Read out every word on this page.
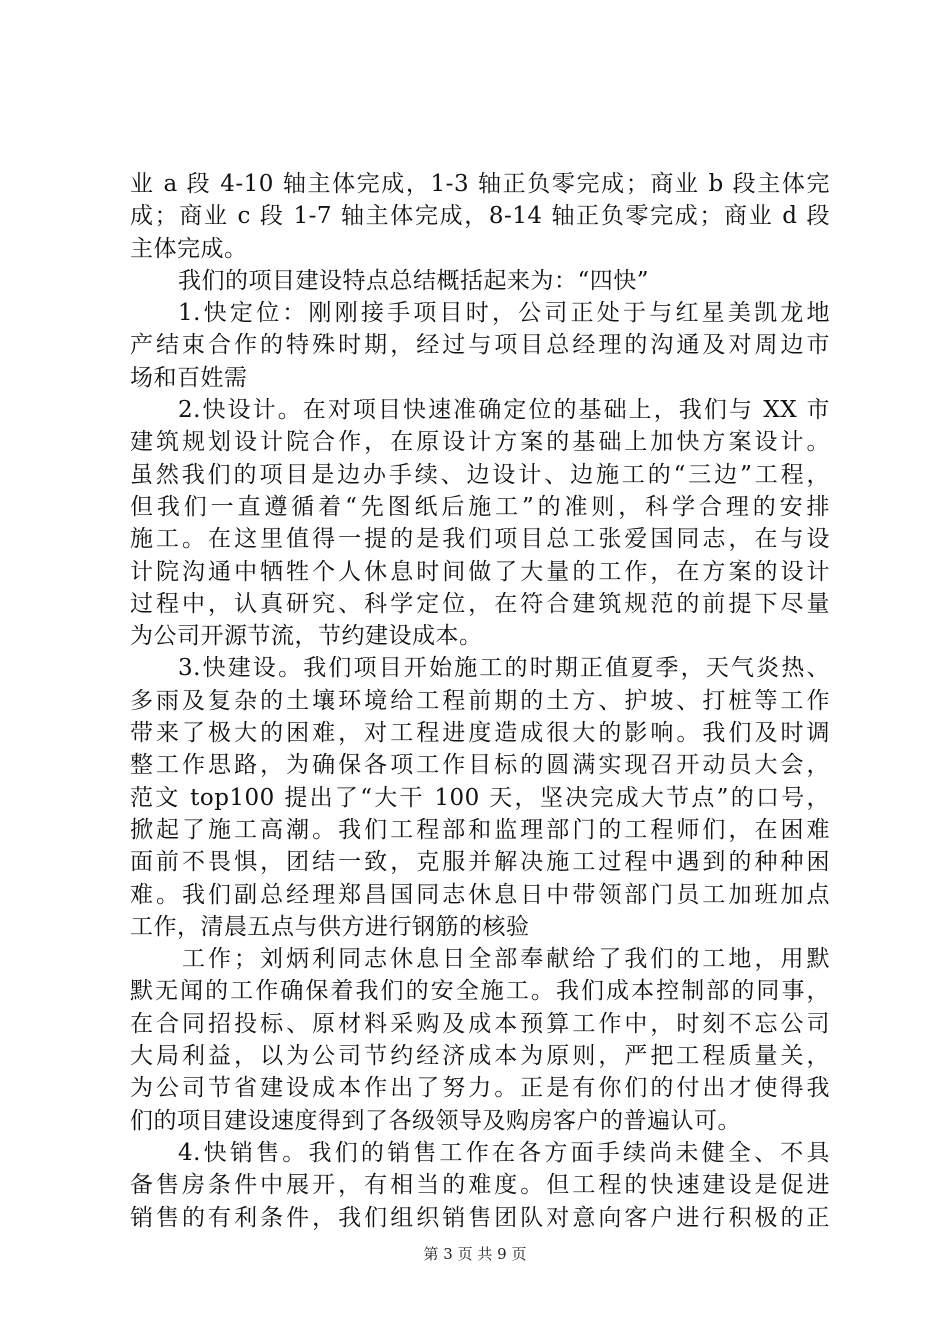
业 a 段 4-10 轴主体完成，1-3 轴正负零完成；商业 b 段主体完
成；商业 c 段 1-7 轴主体完成，8-14 轴正负零完成；商业 d 段
主体完成。
我们的项目建设特点总结概括起来为：“四快”
1.快定位：刚刚接手项目时，公司正处于与红星美凯龙地
产结束合作的特殊时期，经过与项目总经理的沟通及对周边市
场和百姓需
2.快设计。在对项目快速准确定位的基础上，我们与 XX 市
建筑规划设计院合作，在原设计方案的基础上加快方案设计。
虽然我们的项目是边办手续、边设计、边施工的“三边”工程，
但我们一直遵循着“先图纸后施工”的准则，科学合理的安排
施工。在这里值得一提的是我们项目总工张爱国同志，在与设
计院沟通中牺牲个人休息时间做了大量的工作，在方案的设计
过程中，认真研究、科学定位，在符合建筑规范的前提下尽量
为公司开源节流，节约建设成本。
3.快建设。我们项目开始施工的时期正值夏季，天气炎热、
多雨及复杂的土壤环境给工程前期的土方、护坡、打桩等工作
带来了极大的困难，对工程进度造成很大的影响。我们及时调
整工作思路，为确保各项工作目标的圆满实现召开动员大会，
范文 top100 提出了“大干 100 天，坚决完成大节点”的口号，
掀起了施工高潮。我们工程部和监理部门的工程师们，在困难
面前不畏惧，团结一致，克服并解决施工过程中遇到的种种困
难。我们副总经理郑昌国同志休息日中带领部门员工加班加点
工作，清晨五点与供方进行钢筋的核验
工作；刘炳利同志休息日全部奉献给了我们的工地，用默
默无闻的工作确保着我们的安全施工。我们成本控制部的同事，
在合同招投标、原材料采购及成本预算工作中，时刻不忘公司
大局利益，以为公司节约经济成本为原则，严把工程质量关，
为公司节省建设成本作出了努力。正是有你们的付出才使得我
们的项目建设速度得到了各级领导及购房客户的普遍认可。
4.快销售。我们的销售工作在各方面手续尚未健全、不具
备售房条件中展开，有相当的难度。但工程的快速建设是促进
销售的有利条件，我们组织销售团队对意向客户进行积极的正
第 3 页 共 9 页
